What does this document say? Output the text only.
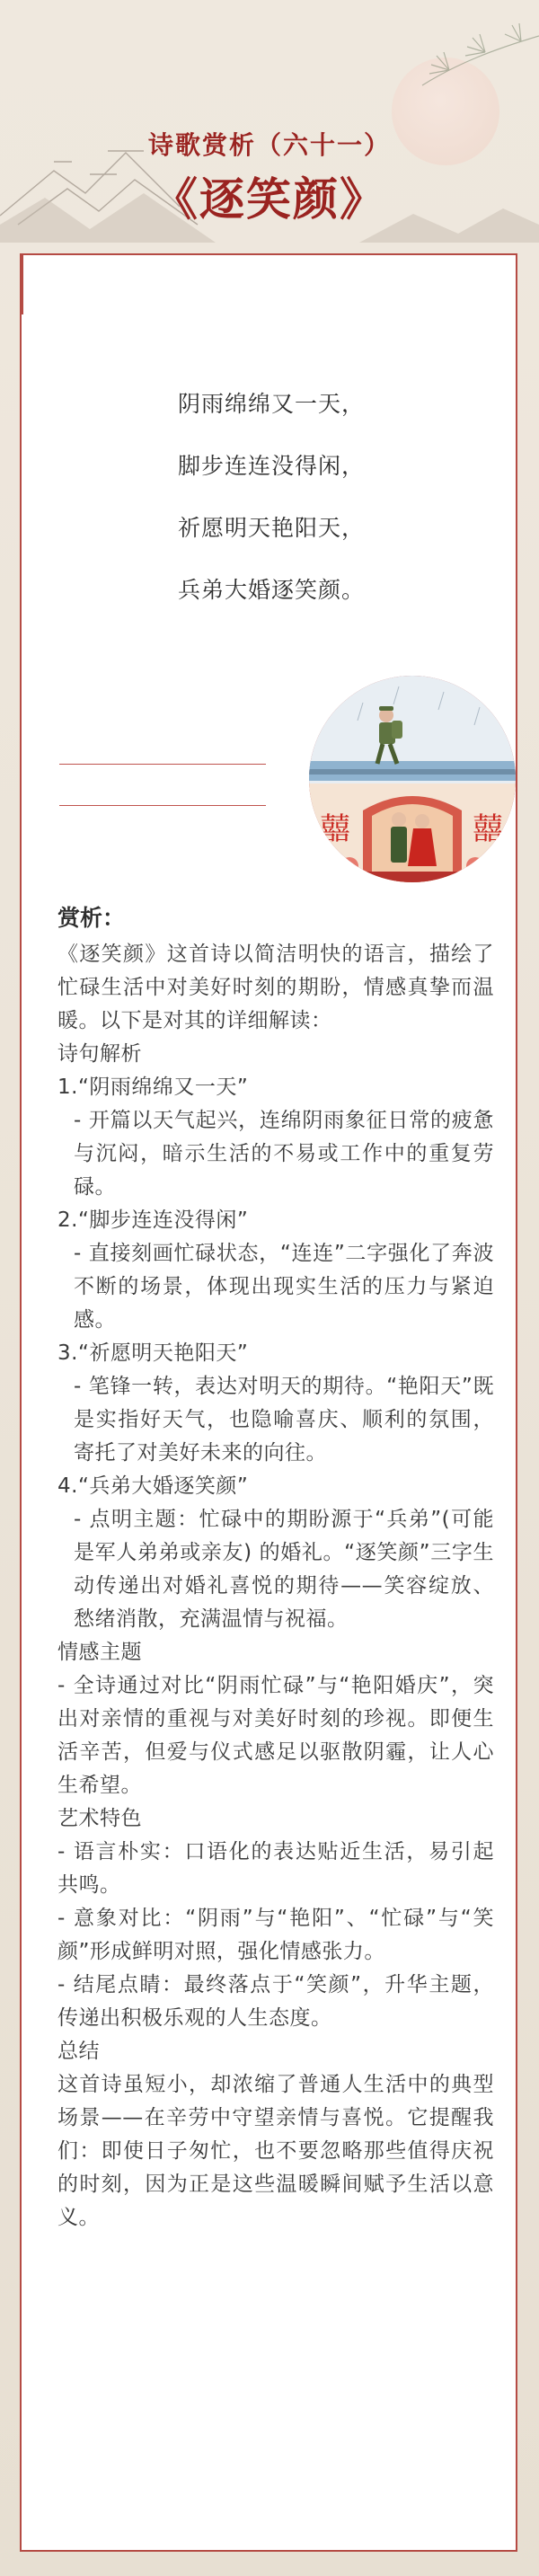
诗歌赏析（六十一）
《逐笑颜》
阴雨绵绵又一天，
脚步连连没得闲，
祈愿明天艳阳天，
兵弟大婚逐笑颜。
囍	囍
赏析：
《逐笑颜》这首诗以简洁明快的语言，描绘了忙碌生活中对美好时刻的期盼，情感真挚而温暖。以下是对其的详细解读：
诗句解析
1.“阴雨绵绵又一天”
- 开篇以天气起兴，连绵阴雨象征日常的疲惫与沉闷，暗示生活的不易或工作中的重复劳碌。
2.“脚步连连没得闲”
- 直接刻画忙碌状态，“连连”二字强化了奔波不断的场景，体现出现实生活的压力与紧迫感。
3.“祈愿明天艳阳天”
- 笔锋一转，表达对明天的期待。“艳阳天”既是实指好天气，也隐喻喜庆、顺利的氛围，寄托了对美好未来的向往。
4.“兵弟大婚逐笑颜”
- 点明主题：忙碌中的期盼源于“兵弟”(可能是军人弟弟或亲友) 的婚礼。“逐笑颜”三字生动传递出对婚礼喜悦的期待——笑容绽放、愁绪消散，充满温情与祝福。
情感主题
- 全诗通过对比“阴雨忙碌”与“艳阳婚庆”，突出对亲情的重视与对美好时刻的珍视。即便生活辛苦，但爱与仪式感足以驱散阴霾，让人心生希望。
艺术特色
- 语言朴实：口语化的表达贴近生活，易引起共鸣。
- 意象对比：“阴雨”与“艳阳”、“忙碌”与“笑颜”形成鲜明对照，强化情感张力。
- 结尾点睛：最终落点于“笑颜”，升华主题，传递出积极乐观的人生态度。
总结
这首诗虽短小，却浓缩了普通人生活中的典型场景——在辛劳中守望亲情与喜悦。它提醒我们：即使日子匆忙，也不要忽略那些值得庆祝的时刻，因为正是这些温暖瞬间赋予生活以意义。
